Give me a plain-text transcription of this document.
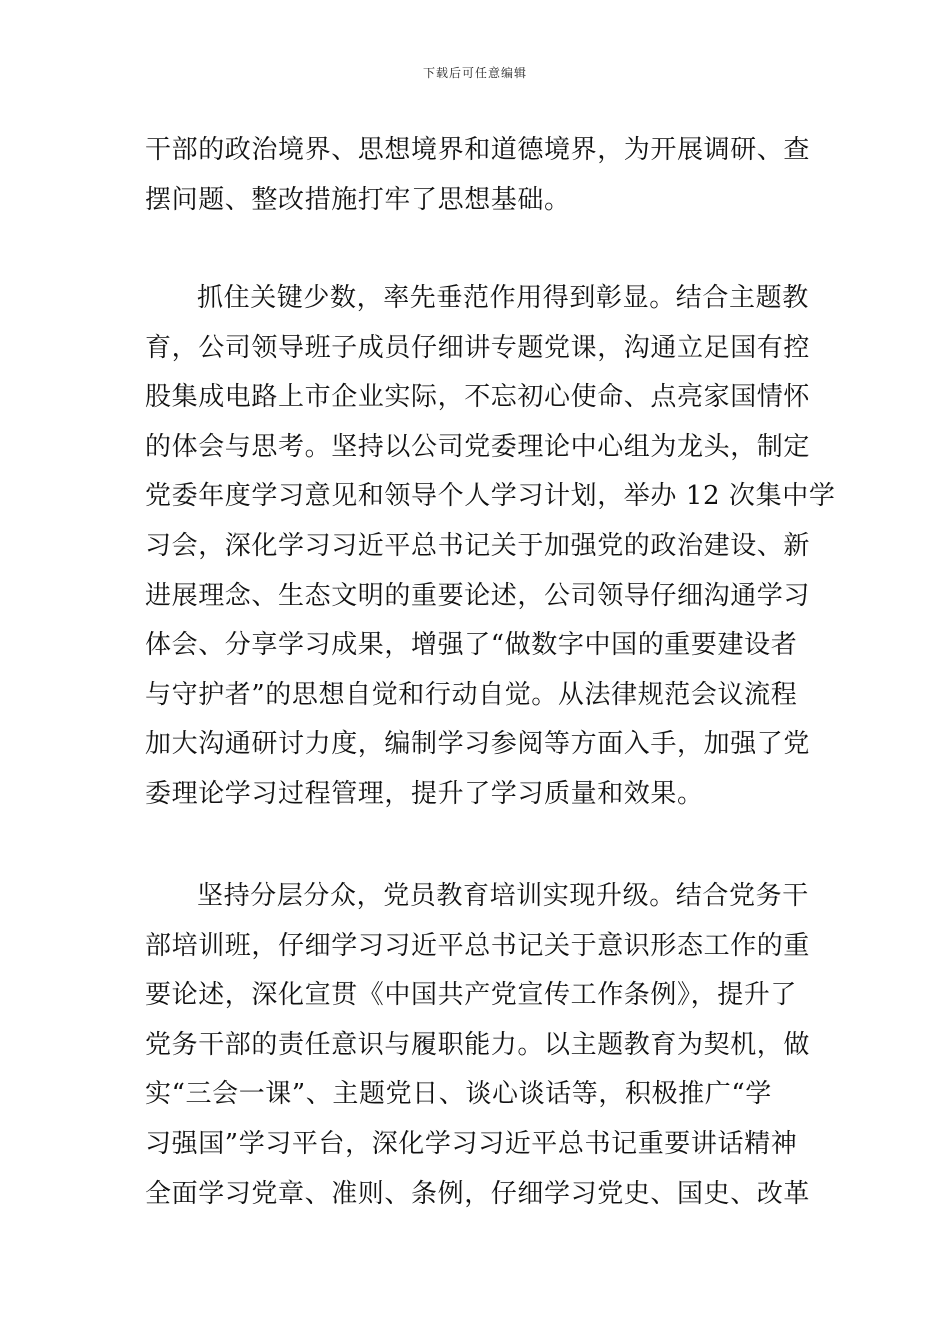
下载后可任意编辑
干部的政治境界、思想境界和道德境界，为开展调研、查
摆问题、整改措施打牢了思想基础。
抓住关键少数，率先垂范作用得到彰显。结合主题教
育，公司领导班子成员仔细讲专题党课，沟通立足国有控
股集成电路上市企业实际，不忘初心使命、点亮家国情怀
的体会与思考。坚持以公司党委理论中心组为龙头，制定
党委年度学习意见和领导个人学习计划，举办 12 次集中学
习会，深化学习习近平总书记关于加强党的政治建设、新
进展理念、生态文明的重要论述，公司领导仔细沟通学习
体会、分享学习成果，增强了“做数字中国的重要建设者
与守护者”的思想自觉和行动自觉。从法律规范会议流程
加大沟通研讨力度，编制学习参阅等方面入手，加强了党
委理论学习过程管理，提升了学习质量和效果。
坚持分层分众，党员教育培训实现升级。结合党务干
部培训班，仔细学习习近平总书记关于意识形态工作的重
要论述，深化宣贯《中国共产党宣传工作条例》，提升了
党务干部的责任意识与履职能力。以主题教育为契机，做
实“三会一课”、主题党日、谈心谈话等，积极推广“学
习强国”学习平台，深化学习习近平总书记重要讲话精神
全面学习党章、准则、条例，仔细学习党史、国史、改革
